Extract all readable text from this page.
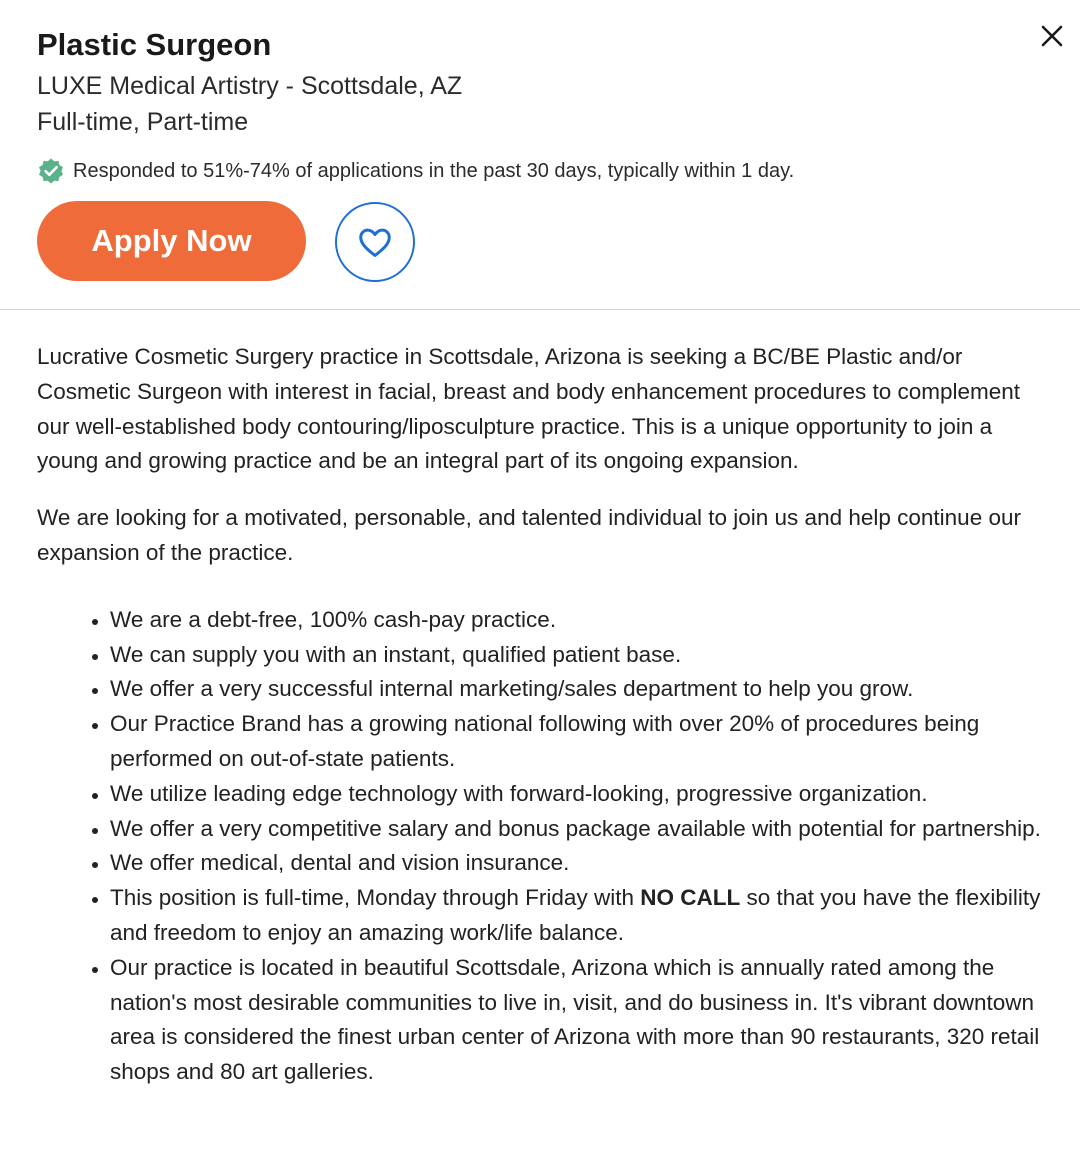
Plastic Surgeon
LUXE Medical Artistry - Scottsdale, AZ
Full-time, Part-time
Responded to 51%-74% of applications in the past 30 days, typically within 1 day.
Apply Now

Lucrative Cosmetic Surgery practice in Scottsdale, Arizona is seeking a BC/BE Plastic and/or Cosmetic Surgeon with interest in facial, breast and body enhancement procedures to complement our well-established body contouring/liposculpture practice. This is a unique opportunity to join a young and growing practice and be an integral part of its ongoing expansion.

We are looking for a motivated, personable, and talented individual to join us and help continue our expansion of the practice.

• We are a debt-free, 100% cash-pay practice.
• We can supply you with an instant, qualified patient base.
• We offer a very successful internal marketing/sales department to help you grow.
• Our Practice Brand has a growing national following with over 20% of procedures being performed on out-of-state patients.
• We utilize leading edge technology with forward-looking, progressive organization.
• We offer a very competitive salary and bonus package available with potential for partnership.
• We offer medical, dental and vision insurance.
• This position is full-time, Monday through Friday with NO CALL so that you have the flexibility and freedom to enjoy an amazing work/life balance.
• Our practice is located in beautiful Scottsdale, Arizona which is annually rated among the nation's most desirable communities to live in, visit, and do business in. It's vibrant downtown area is considered the finest urban center of Arizona with more than 90 restaurants, 320 retail shops and 80 art galleries.
